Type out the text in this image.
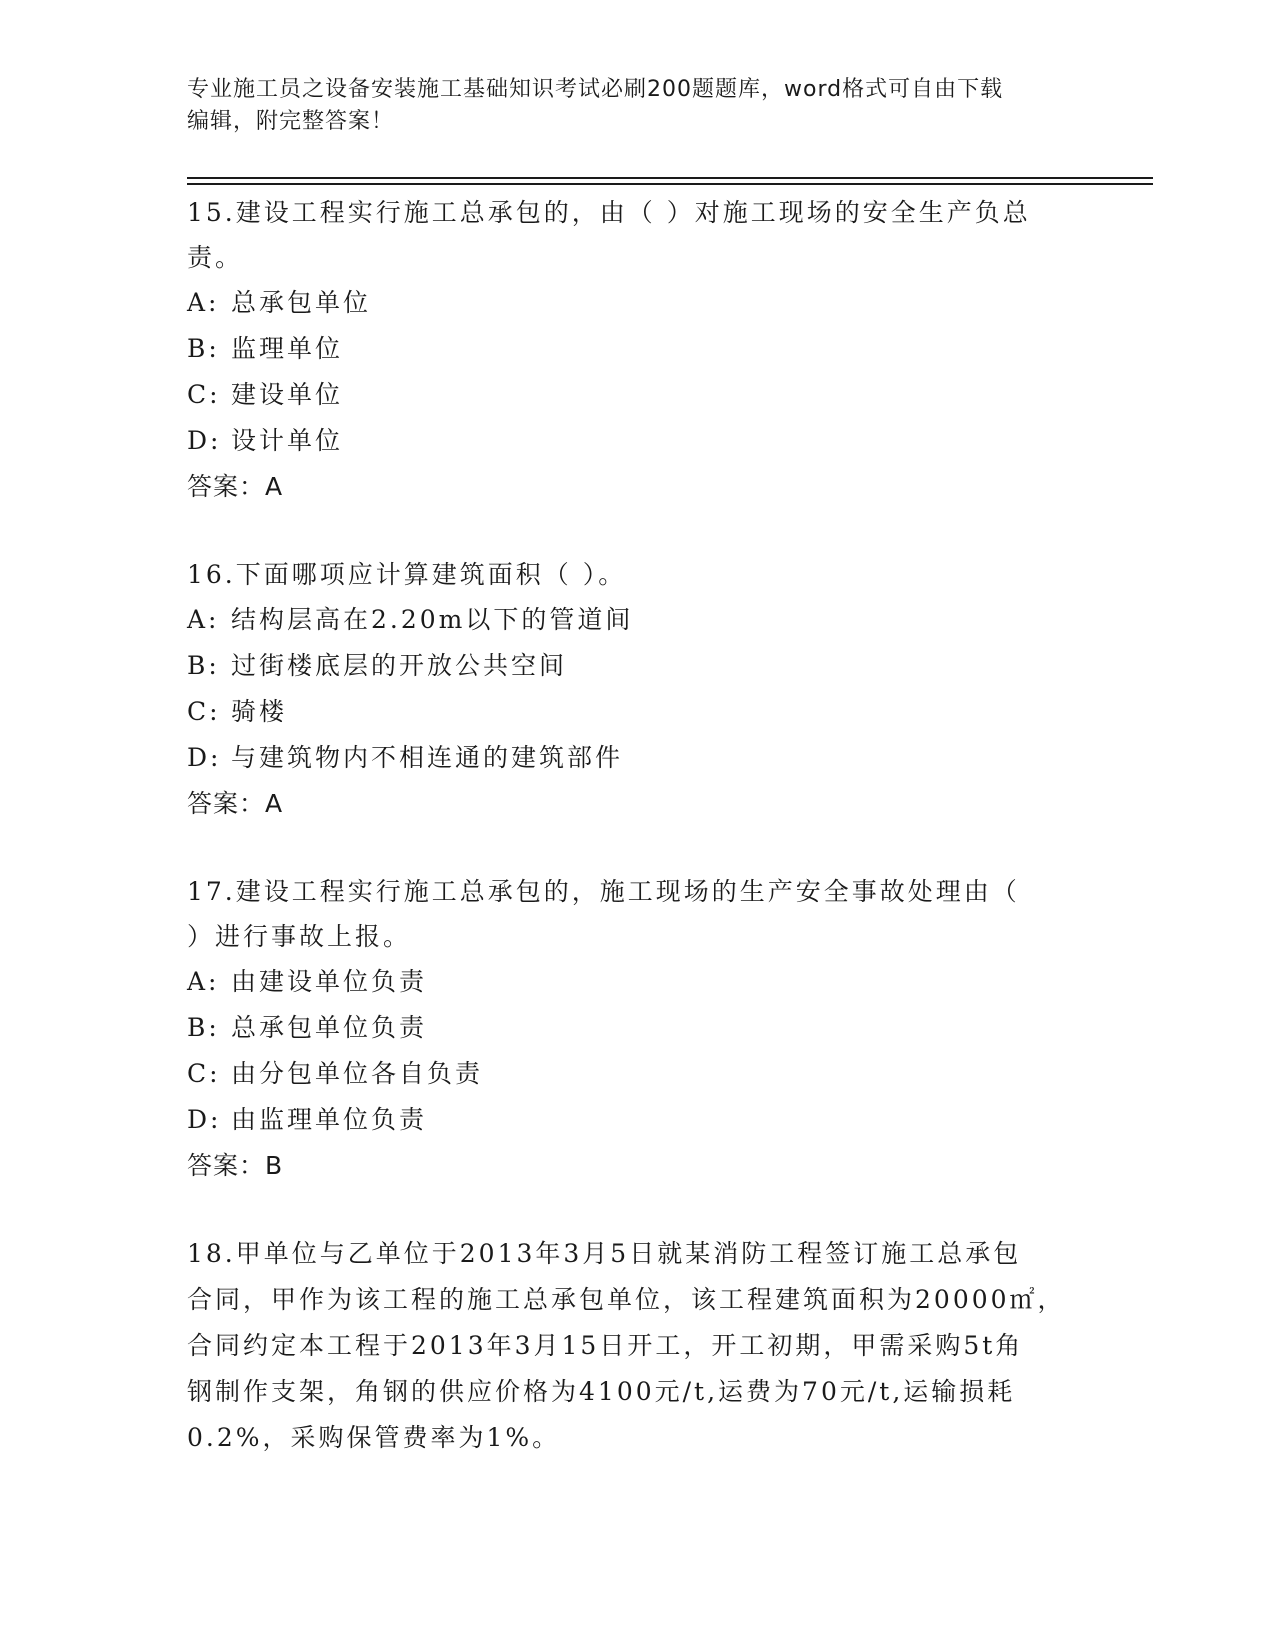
专业施工员之设备安装施工基础知识考试必刷200题题库，word格式可自由下载
编辑，附完整答案！
15.建设工程实行施工总承包的，由（ ）对施工现场的安全生产负总
责。
A: 总承包单位
B: 监理单位
C: 建设单位
D: 设计单位
答案：A
16.下面哪项应计算建筑面积（ ）。
A: 结构层高在2.20m以下的管道间
B: 过街楼底层的开放公共空间
C: 骑楼
D: 与建筑物内不相连通的建筑部件
答案：A
17.建设工程实行施工总承包的，施工现场的生产安全事故处理由（
）进行事故上报。
A: 由建设单位负责
B: 总承包单位负责
C: 由分包单位各自负责
D: 由监理单位负责
答案：B
18.甲单位与乙单位于2013年3月5日就某消防工程签订施工总承包
合同，甲作为该工程的施工总承包单位，该工程建筑面积为20000㎡，
合同约定本工程于2013年3月15日开工，开工初期，甲需采购5t角
钢制作支架，角钢的供应价格为4100元/t,运费为70元/t,运输损耗
0.2%，采购保管费率为1%。
